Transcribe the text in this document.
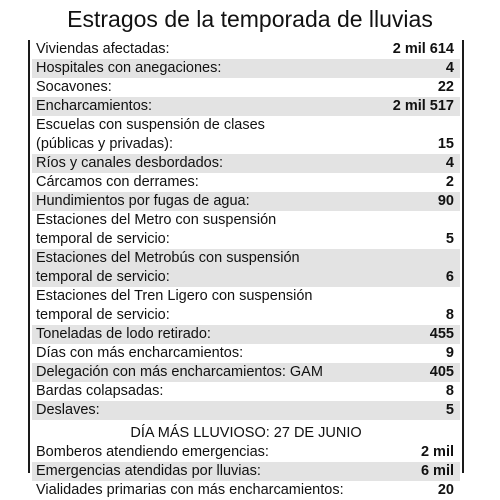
Estragos de la temporada de lluvias
Viviendas afectadas:	2 mil 614
Hospitales con anegaciones:	4
Socavones:	22
Encharcamientos:	2 mil 517
Escuelas con suspensión de clases
(públicas y privadas):	15
Ríos y canales desbordados:	4
Cárcamos con derrames:	2
Hundimientos por fugas de agua:	90
Estaciones del Metro con suspensión
temporal de servicio:	5
Estaciones del Metrobús con suspensión
temporal de servicio:	6
Estaciones del Tren Ligero con suspensión
temporal de servicio:	8
Toneladas de lodo retirado:	455
Días con más encharcamientos:	9
Delegación con más encharcamientos: GAM	405
Bardas colapsadas:	8
Deslaves:	5
DÍA MÁS LLUVIOSO: 27 DE JUNIO
Bomberos atendiendo emergencias:	2 mil
Emergencias atendidas por lluvias:	6 mil
Vialidades primarias con más encharcamientos:	20
